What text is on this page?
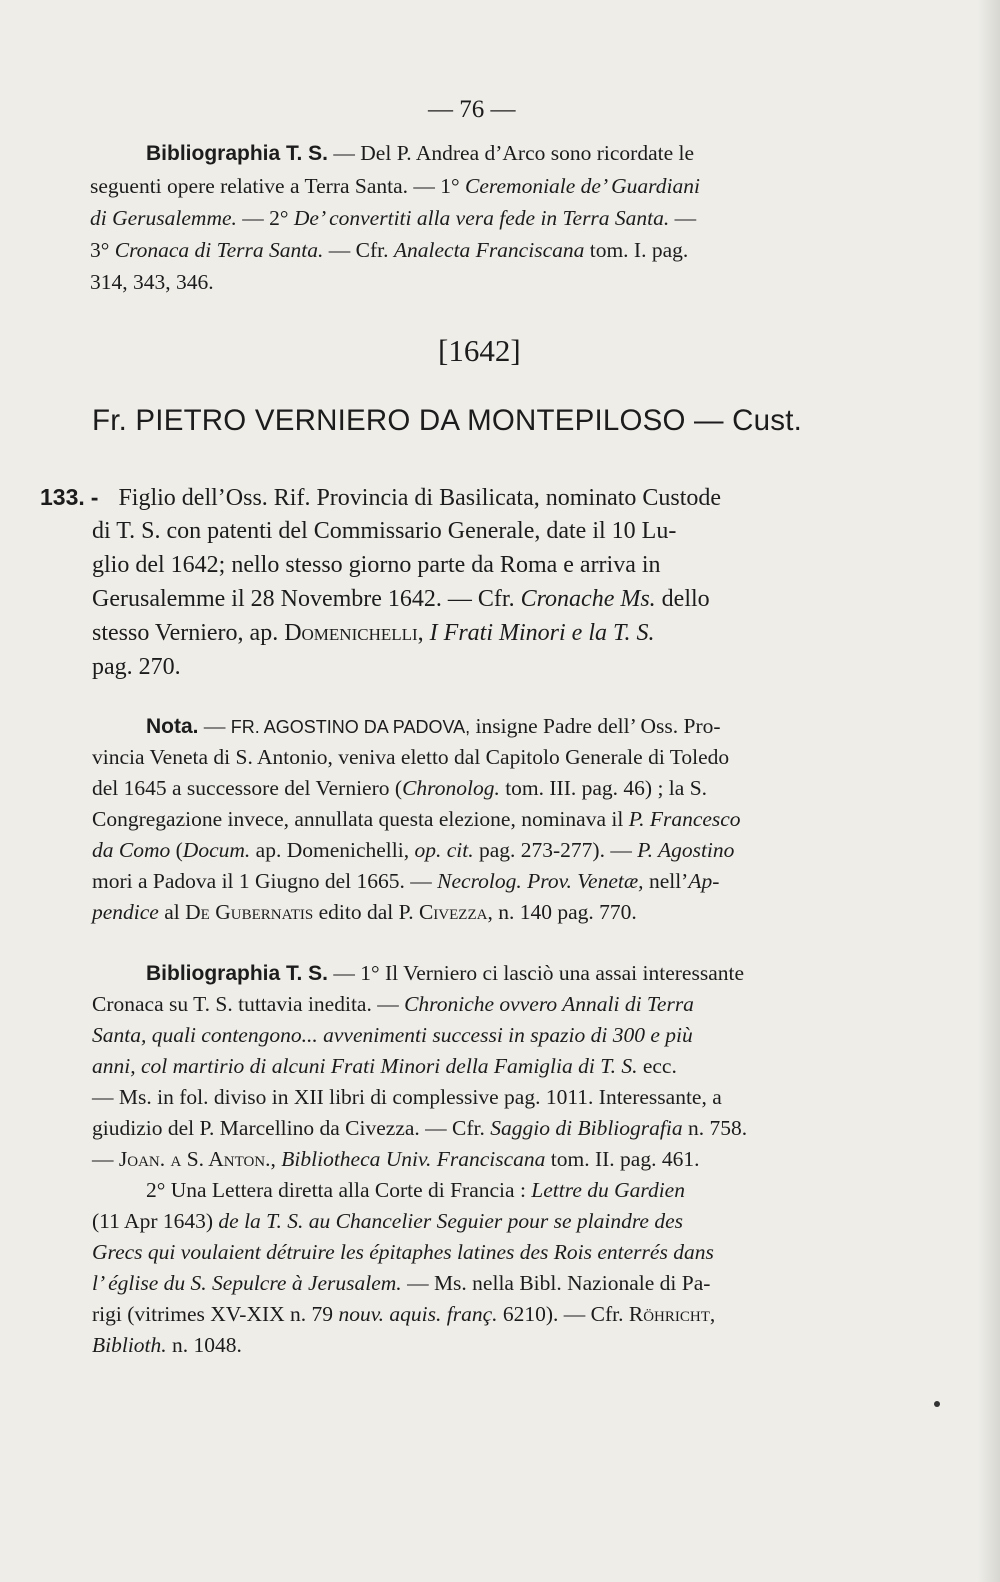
— 76 —
Bibliographia T. S. — Del P. Andrea d’Arco sono ricordate le
seguenti opere relative a Terra Santa. — 1° Ceremoniale de’ Guardiani
di Gerusalemme. — 2° De’ convertiti alla vera fede in Terra Santa. —
3° Cronaca di Terra Santa. — Cfr. Analecta Franciscana tom. I. pag.
314, 343, 346.
[1642]
Fr. PIETRO VERNIERO DA MONTEPILOSO — Cust.
133. - Figlio dell’Oss. Rif. Provincia di Basilicata, nominato Custode
di T. S. con patenti del Commissario Generale, date il 10 Lu-
glio del 1642; nello stesso giorno parte da Roma e arriva in
Gerusalemme il 28 Novembre 1642. — Cfr. Cronache Ms. dello
stesso Verniero, ap. Domenichelli, I Frati Minori e la T. S.
pag. 270.
Nota. — FR. AGOSTINO DA PADOVA, insigne Padre dell’ Oss. Pro-
vincia Veneta di S. Antonio, veniva eletto dal Capitolo Generale di Toledo
del 1645 a successore del Verniero (Chronolog. tom. III. pag. 46) ; la S.
Congregazione invece, annullata questa elezione, nominava il P. Francesco
da Como (Docum. ap. Domenichelli, op. cit. pag. 273-277). — P. Agostino
mori a Padova il 1 Giugno del 1665. — Necrolog. Prov. Venetæ, nell’Ap-
pendice al De Gubernatis edito dal P. Civezza, n. 140 pag. 770.
Bibliographia T. S. — 1° Il Verniero ci lasciò una assai interessante
Cronaca su T. S. tuttavia inedita. — Chroniche ovvero Annali di Terra
Santa, quali contengono... avvenimenti successi in spazio di 300 e più
anni, col martirio di alcuni Frati Minori della Famiglia di T. S. ecc.
— Ms. in fol. diviso in XII libri di complessive pag. 1011. Interessante, a
giudizio del P. Marcellino da Civezza. — Cfr. Saggio di Bibliografia n. 758.
— Joan. a S. Anton., Bibliotheca Univ. Franciscana tom. II. pag. 461.
2° Una Lettera diretta alla Corte di Francia : Lettre du Gardien
(11 Apr 1643) de la T. S. au Chancelier Seguier pour se plaindre des
Grecs qui voulaient détruire les épitaphes latines des Rois enterrés dans
l’ église du S. Sepulcre à Jerusalem. — Ms. nella Bibl. Nazionale di Pa-
rigi (vitrimes XV-XIX n. 79 nouv. aquis. franç. 6210). — Cfr. Röhricht,
Biblioth. n. 1048.
